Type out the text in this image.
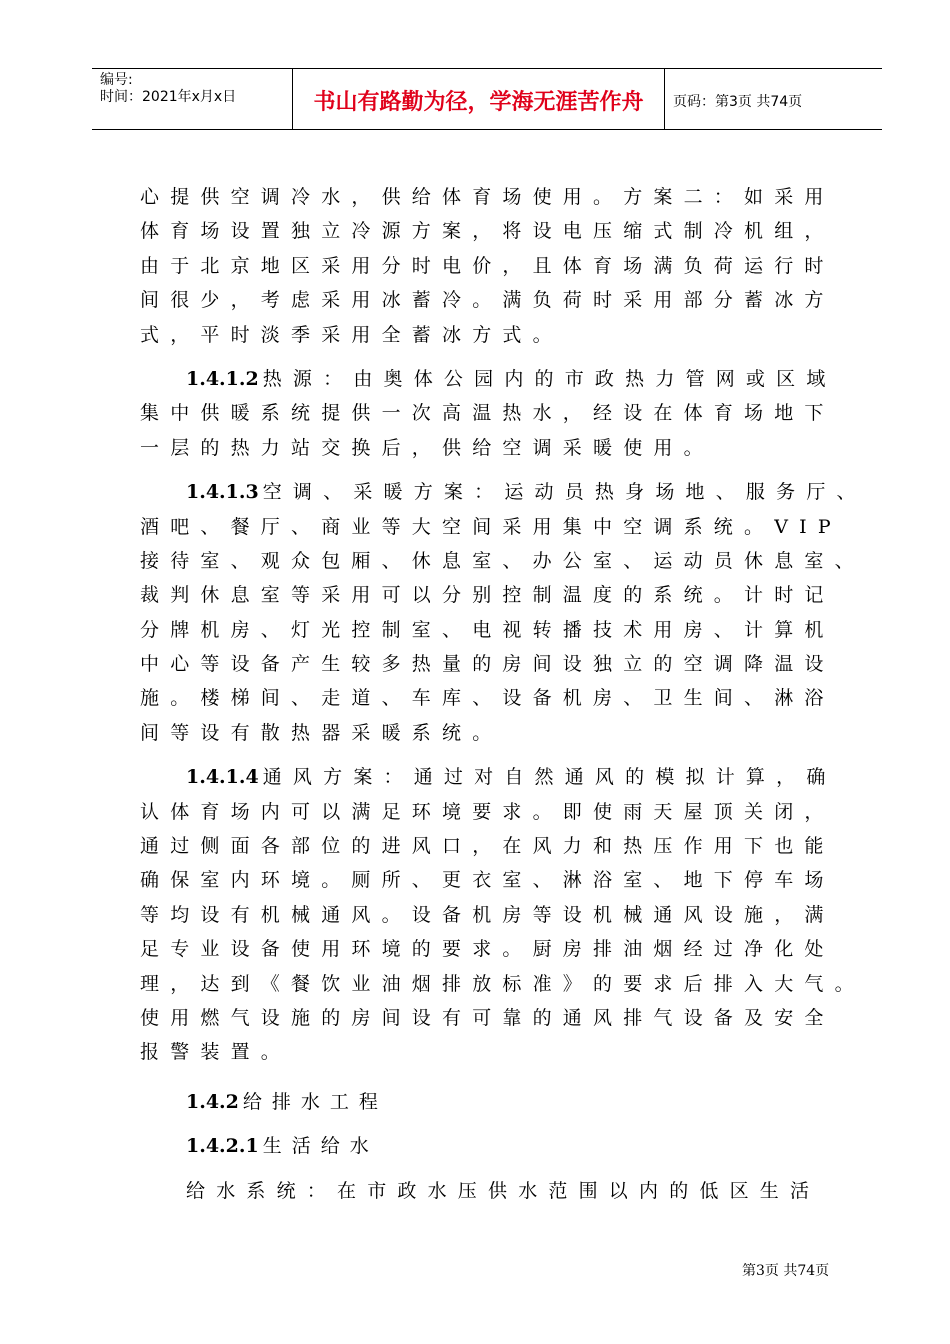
编号:
时间：2021年x月x日	书山有路勤为径，学海无涯苦作舟	页码：第3页 共74页
心提供空调冷水，供给体育场使用。方案二：如采用
体育场设置独立冷源方案，将设电压缩式制冷机组，
由于北京地区采用分时电价，且体育场满负荷运行时
间很少，考虑采用冰蓄冷。满负荷时采用部分蓄冰方
式，平时淡季采用全蓄冰方式。
1.4.1.2 热源：由奥体公园内的市政热力管网或区域
集中供暖系统提供一次高温热水，经设在体育场地下
一层的热力站交换后，供给空调采暖使用。
1.4.1.3 空调、采暖方案：运动员热身场地、服务厅、
酒吧、餐厅、商业等大空间采用集中空调系统。VIP
接待室、观众包厢、休息室、办公室、运动员休息室、
裁判休息室等采用可以分别控制温度的系统。计时记
分牌机房、灯光控制室、电视转播技术用房、计算机
中心等设备产生较多热量的房间设独立的空调降温设
施。楼梯间、走道、车库、设备机房、卫生间、淋浴
间等设有散热器采暖系统。
1.4.1.4 通风方案：通过对自然通风的模拟计算，确
认体育场内可以满足环境要求。即使雨天屋顶关闭，
通过侧面各部位的进风口，在风力和热压作用下也能
确保室内环境。厕所、更衣室、淋浴室、地下停车场
等均设有机械通风。设备机房等设机械通风设施，满
足专业设备使用环境的要求。厨房排油烟经过净化处
理，达到《餐饮业油烟排放标准》的要求后排入大气。
使用燃气设施的房间设有可靠的通风排气设备及安全
报警装置。
1.4.2 给排水工程
1.4.2.1 生活给水
给水系统：在市政水压供水范围以内的低区生活
第3页 共74页
